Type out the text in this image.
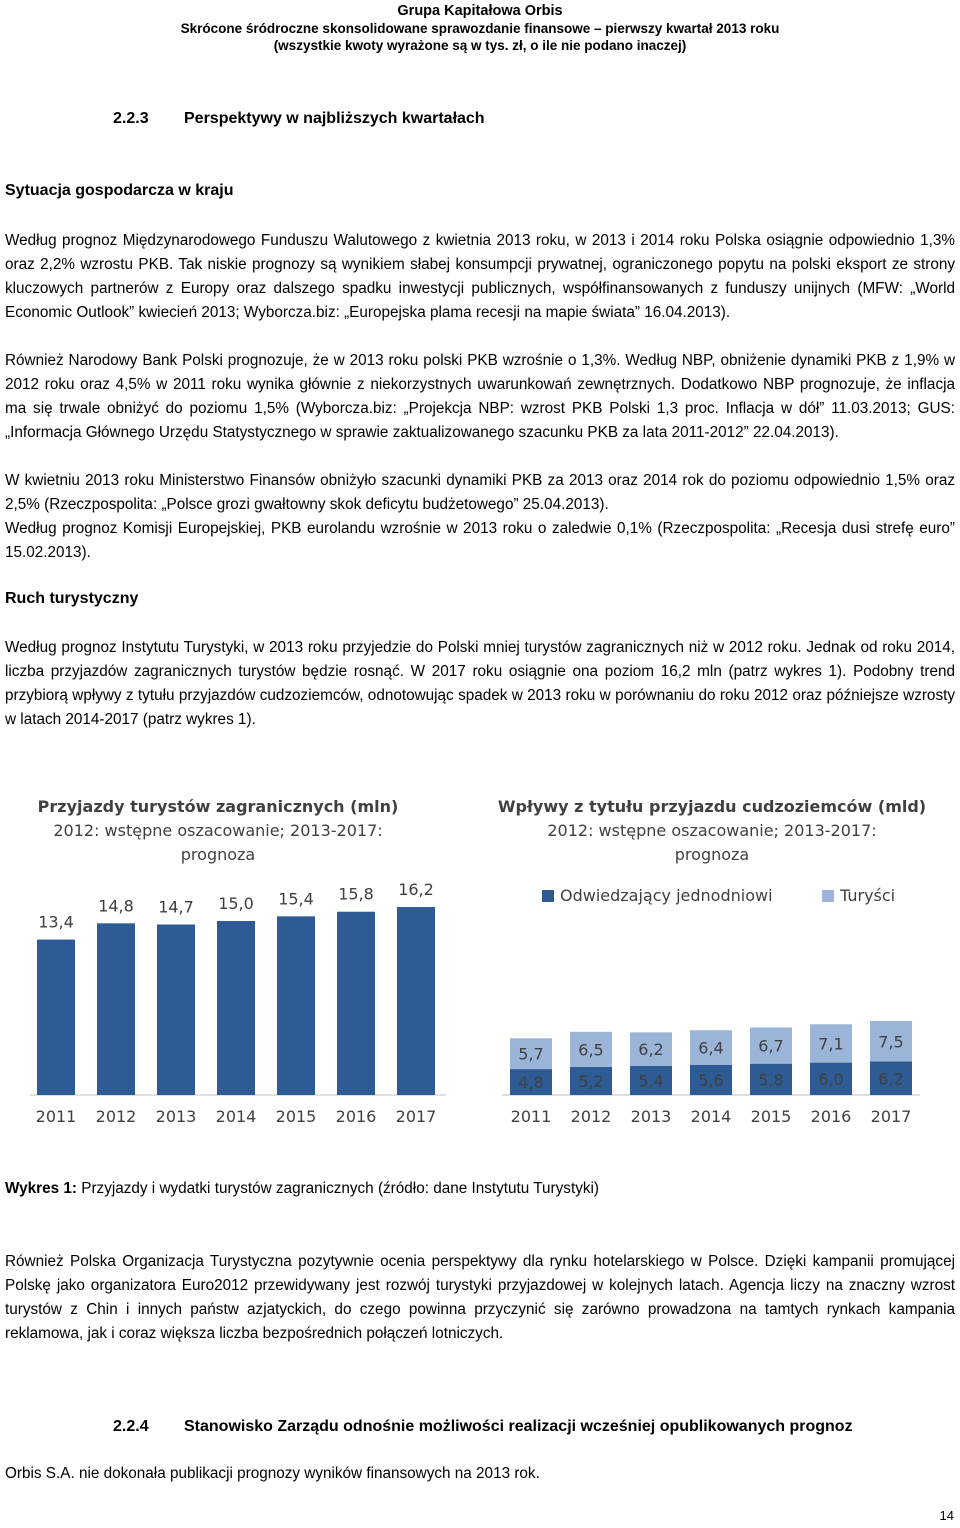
Grupa Kapitałowa Orbis
Skrócone śródroczne skonsolidowane sprawozdanie finansowe – pierwszy kwartał 2013 roku
(wszystkie kwoty wyrażone są w tys. zł, o ile nie podano inaczej)
2.2.3 Perspektywy w najbliższych kwartałach
Sytuacja gospodarcza w kraju
Według prognoz Międzynarodowego Funduszu Walutowego z kwietnia 2013 roku, w 2013 i 2014 roku Polska osiągnie odpowiednio 1,3% oraz 2,2% wzrostu PKB. Tak niskie prognozy są wynikiem słabej konsumpcji prywatnej, ograniczonego popytu na polski eksport ze strony kluczowych partnerów z Europy oraz dalszego spadku inwestycji publicznych, współfinansowanych z funduszy unijnych (MFW: „World Economic Outlook” kwiecień 2013; Wyborcza.biz: „Europejska plama recesji na mapie świata” 16.04.2013).
Również Narodowy Bank Polski prognozuje, że w 2013 roku polski PKB wzrośnie o 1,3%. Według NBP, obniżenie dynamiki PKB z 1,9% w 2012 roku oraz 4,5% w 2011 roku wynika głównie z niekorzystnych uwarunkowań zewnętrznych. Dodatkowo NBP prognozuje, że inflacja ma się trwale obniżyć do poziomu 1,5% (Wyborcza.biz: „Projekcja NBP: wzrost PKB Polski 1,3 proc. Inflacja w dół” 11.03.2013; GUS: „Informacja Głównego Urzędu Statystycznego w sprawie zaktualizowanego szacunku PKB za lata 2011-2012” 22.04.2013).
W kwietniu 2013 roku Ministerstwo Finansów obniżyło szacunki dynamiki PKB za 2013 oraz 2014 rok do poziomu odpowiednio 1,5% oraz 2,5% (Rzeczpospolita: „Polsce grozi gwałtowny skok deficytu budżetowego” 25.04.2013).
Według prognoz Komisji Europejskiej, PKB eurolandu wzrośnie w 2013 roku o zaledwie 0,1% (Rzeczpospolita: „Recesja dusi strefę euro” 15.02.2013).
Ruch turystyczny
Według prognoz Instytutu Turystyki, w 2013 roku przyjedzie do Polski mniej turystów zagranicznych niż w 2012 roku. Jednak od roku 2014, liczba przyjazdów zagranicznych turystów będzie rosnąć. W 2017 roku osiągnie ona poziom 16,2 mln (patrz wykres 1). Podobny trend przybiorą wpływy z tytułu przyjazdów cudzoziemców, odnotowując spadek w 2013 roku w porównaniu do roku 2012 oraz późniejsze wzrosty w latach 2014-2017 (patrz wykres 1).
Przyjazdy turystów zagranicznych (mln)
2012: wstępne oszacowanie; 2013-2017:
prognoza
13,4
2011
14,8
2012
14,7
2013
15,0
2014
15,4
2015
15,8
2016
16,2
2017
Wpływy z tytułu przyjazdu cudzoziemców (mld)
2012: wstępne oszacowanie; 2013-2017:
prognoza
Odwiedzający jednodniowi	Turyści
4,8
5,7
2011
5,2
6,5
2012
5,4
6,2
2013
5,6
6,4
2014
5,8
6,7
2015
6,0
7,1
2016
6,2
7,5
2017
Wykres 1: Przyjazdy i wydatki turystów zagranicznych (źródło: dane Instytutu Turystyki)
Również Polska Organizacja Turystyczna pozytywnie ocenia perspektywy dla rynku hotelarskiego w Polsce. Dzięki kampanii promującej Polskę jako organizatora Euro2012 przewidywany jest rozwój turystyki przyjazdowej w kolejnych latach. Agencja liczy na znaczny wzrost turystów z Chin i innych państw azjatyckich, do czego powinna przyczynić się zarówno prowadzona na tamtych rynkach kampania reklamowa, jak i coraz większa liczba bezpośrednich połączeń lotniczych.
2.2.4 Stanowisko Zarządu odnośnie możliwości realizacji wcześniej opublikowanych prognoz
Orbis S.A. nie dokonała publikacji prognozy wyników finansowych na 2013 rok.
14
